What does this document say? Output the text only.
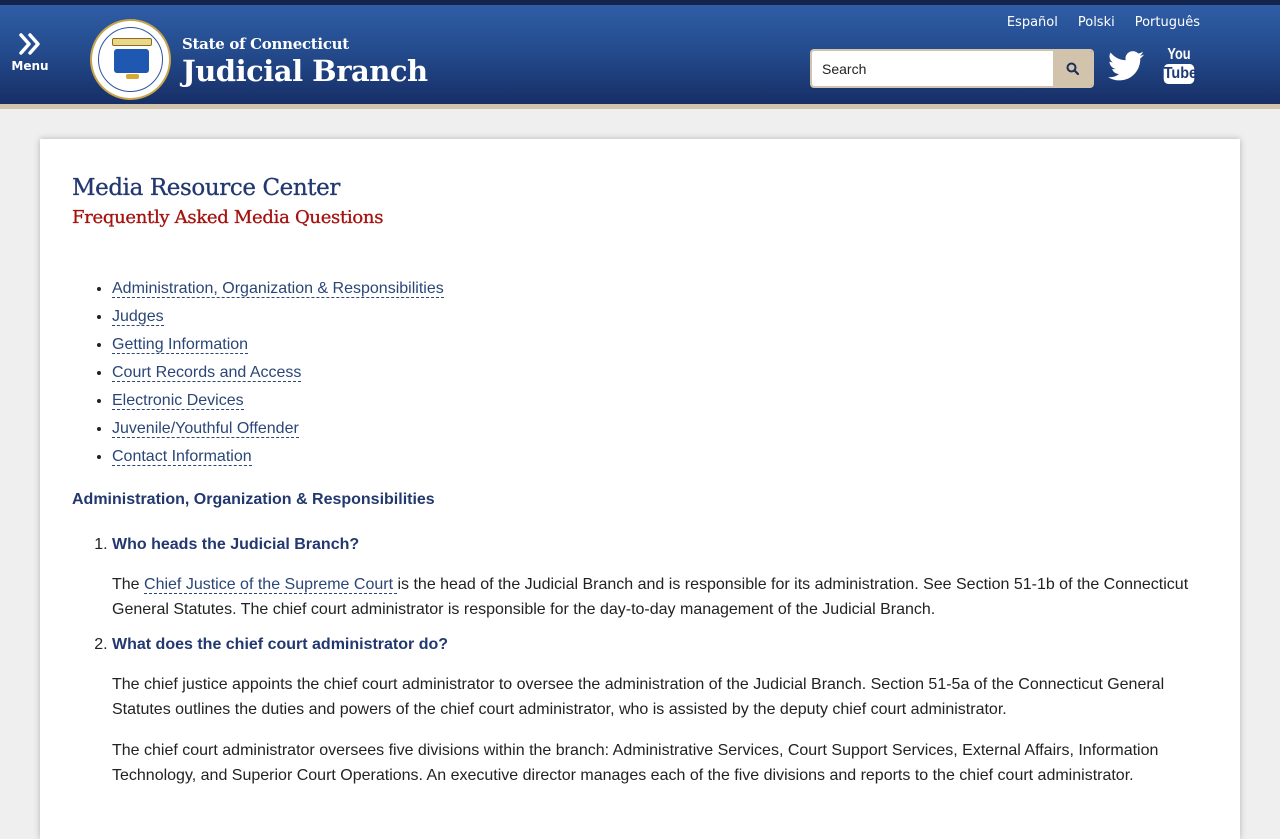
Menu
State of Connecticut
Judicial Branch
Español Polski Português
Search
You
Tube
Media Resource Center
Frequently Asked Media Questions
• Administration, Organization & Responsibilities
• Judges
• Getting Information
• Court Records and Access
• Electronic Devices
• Juvenile/Youthful Offender
• Contact Information
Administration, Organization & Responsibilities
1. Who heads the Judicial Branch?

The Chief Justice of the Supreme Court is the head of the Judicial Branch and is responsible for its administration. See Section 51-1b of the Connecticut General Statutes. The chief court administrator is responsible for the day-to-day management of the Judicial Branch.

2. What does the chief court administrator do?

The chief justice appoints the chief court administrator to oversee the administration of the Judicial Branch. Section 51-5a of the Connecticut General Statutes outlines the duties and powers of the chief court administrator, who is assisted by the deputy chief court administrator.

The chief court administrator oversees five divisions within the branch: Administrative Services, Court Support Services, External Affairs, Information Technology, and Superior Court Operations. An executive director manages each of the five divisions and reports to the chief court administrator.
